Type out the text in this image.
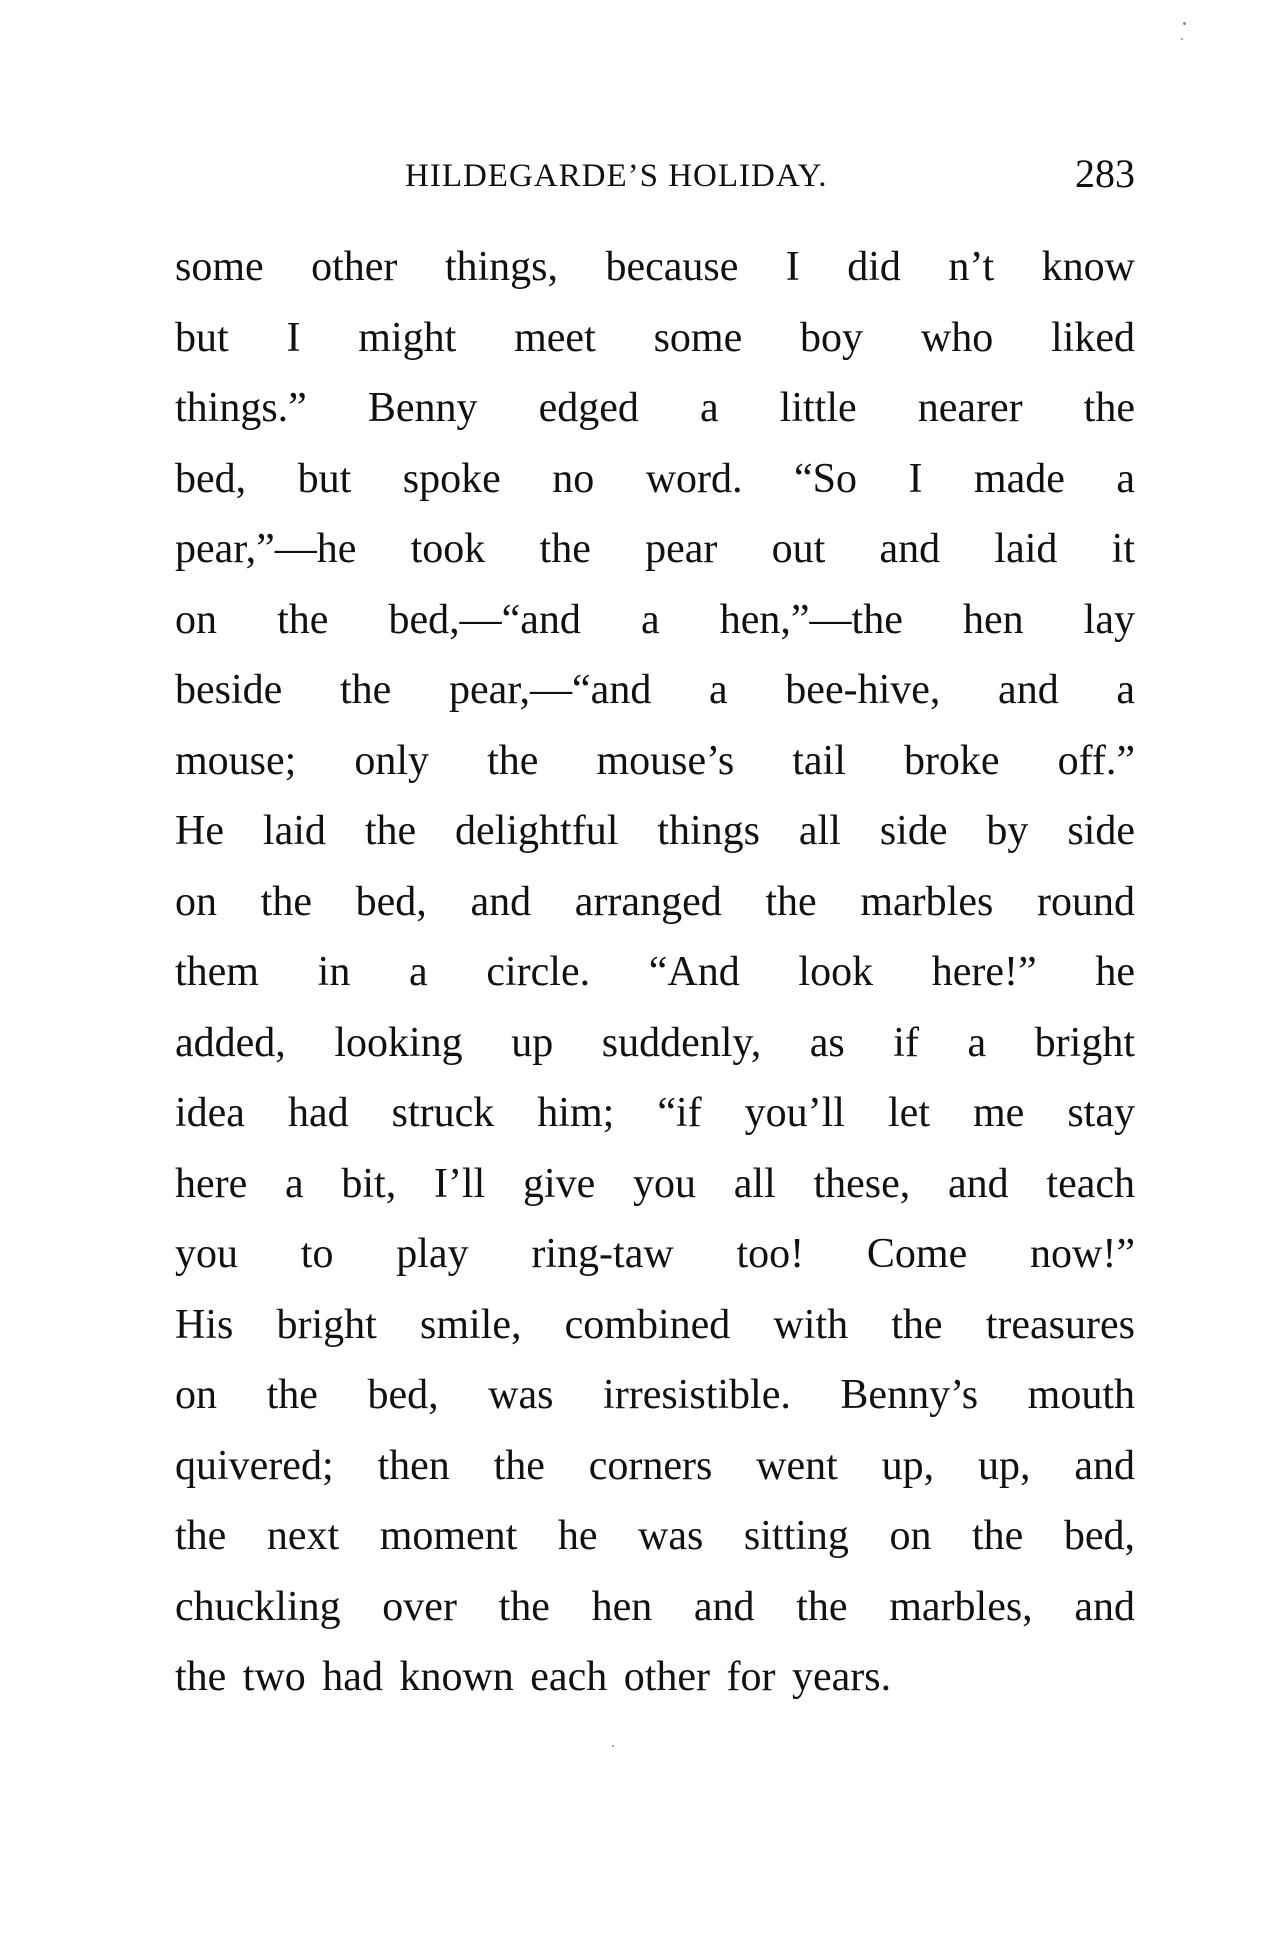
HILDEGARDE’S HOLIDAY.	283
some other things, because I did n’t know
but I might meet some boy who liked
things.” Benny edged a little nearer the
bed, but spoke no word. “So I made a
pear,”—he took the pear out and laid it
on the bed,—“and a hen,”—the hen lay
beside the pear,—“and a bee-hive, and a
mouse; only the mouse’s tail broke off.”
He laid the delightful things all side by side
on the bed, and arranged the marbles round
them in a circle. “And look here!” he
added, looking up suddenly, as if a bright
idea had struck him; “if you’ll let me stay
here a bit, I’ll give you all these, and teach
you to play ring-taw too! Come now!”
His bright smile, combined with the treasures
on the bed, was irresistible. Benny’s mouth
quivered; then the corners went up, up, and
the next moment he was sitting on the bed,
chuckling over the hen and the marbles, and
the two had known each other for years.
